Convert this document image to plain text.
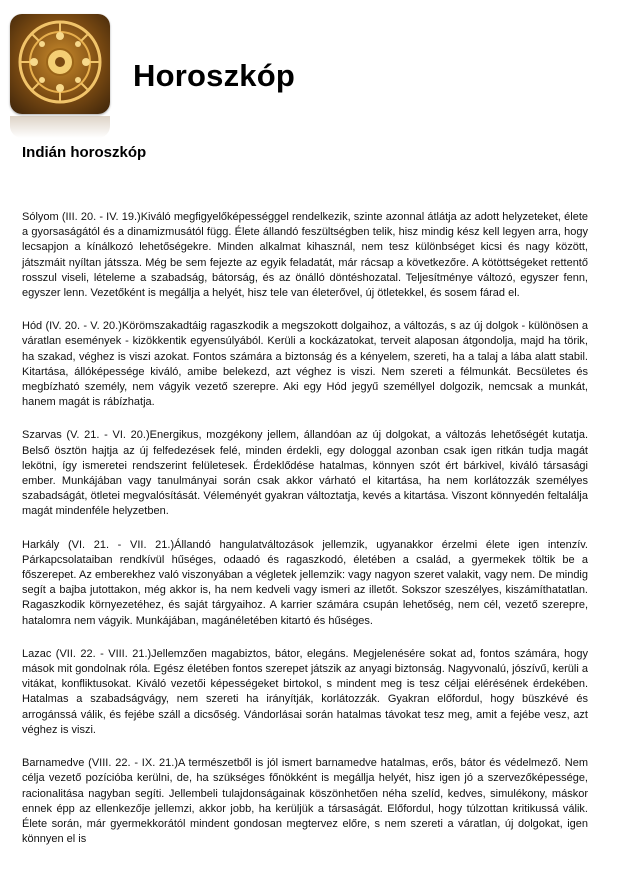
Horoszkóp
Indián horoszkóp

Sólyom (III. 20. - IV. 19.)Kiváló megfigyelőképességgel rendelkezik, szinte azonnal átlátja az adott helyzeteket, élete a gyorsaságától és a dinamizmusától függ. Élete állandó feszültségben telik, hisz mindig kész kell legyen arra, hogy lecsapjon a kínálkozó lehetőségekre. Minden alkalmat kihasznál, nem tesz különbséget kicsi és nagy között, játszmáit nyíltan játssza. Még be sem fejezte az egyik feladatát, már rácsap a következőre. A kötöttségeket rettentő rosszul viseli, lételeme a szabadság, bátorság, és az önálló döntéshozatal. Teljesítménye változó, egyszer fenn, egyszer lenn. Vezetőként is megállja a helyét, hisz tele van életerővel, új ötletekkel, és sosem fárad el.

Hód (IV. 20. - V. 20.)Körömszakadtáig ragaszkodik a megszokott dolgaihoz, a változás, s az új dolgok - különösen a váratlan események - kizökkentik egyensúlyából. Kerüli a kockázatokat, terveit alaposan átgondolja, majd ha törik, ha szakad, véghez is viszi azokat. Fontos számára a biztonság és a kényelem, szereti, ha a talaj a lába alatt stabil. Kitartása, állóképessége kiváló, amibe belekezd, azt véghez is viszi. Nem szereti a félmunkát. Becsületes és megbízható személy, nem vágyik vezető szerepre. Aki egy Hód jegyű személlyel dolgozik, nemcsak a munkát, hanem magát is rábízhatja.

Szarvas (V. 21. - VI. 20.)Energikus, mozgékony jellem, állandóan az új dolgokat, a változás lehetőségét kutatja. Belső ösztön hajtja az új felfedezések felé, minden érdekli, egy dologgal azonban csak igen ritkán tudja magát lekötni, így ismeretei rendszerint felületesek. Érdeklődése hatalmas, könnyen szót ért bárkivel, kiváló társasági ember. Munkájában vagy tanulmányai során csak akkor várható el kitartása, ha nem korlátozzák személyes szabadságát, ötletei megvalósítását. Véleményét gyakran változtatja, kevés a kitartása. Viszont könnyedén feltalálja magát mindenféle helyzetben.

Harkály (VI. 21. - VII. 21.)Állandó hangulatváltozások jellemzik, ugyanakkor érzelmi élete igen intenzív. Párkapcsolataiban rendkívül hűséges, odaadó és ragaszkodó, életében a család, a gyermekek töltik be a főszerepet. Az emberekhez való viszonyában a végletek jellemzik: vagy nagyon szeret valakit, vagy nem. De mindig segít a bajba jutottakon, még akkor is, ha nem kedveli vagy ismeri az illetőt. Sokszor szeszélyes, kiszámíthatatlan. Ragaszkodik környezetéhez, és saját tárgyaihoz. A karrier számára csupán lehetőség, nem cél, vezető szerepre, hatalomra nem vágyik. Munkájában, magánéletében kitartó és hűséges.

Lazac (VII. 22. - VIII. 21.)Jellemzően magabiztos, bátor, elegáns. Megjelenésére sokat ad, fontos számára, hogy mások mit gondolnak róla. Egész életében fontos szerepet játszik az anyagi biztonság. Nagyvonalú, jószívű, kerüli a vitákat, konfliktusokat. Kiváló vezetői képességeket birtokol, s mindent meg is tesz céljai elérésének érdekében. Hatalmas a szabadságvágy, nem szereti ha irányítják, korlátozzák. Gyakran előfordul, hogy büszkévé és arrogánssá válik, és fejébe száll a dicsőség. Vándorlásai során hatalmas távokat tesz meg, amit a fejébe vesz, azt véghez is viszi.

Barnamedve (VIII. 22. - IX. 21.)A természetből is jól ismert barnamedve hatalmas, erős, bátor és védelmező. Nem célja vezető pozícióba kerülni, de, ha szükséges főnökként is megállja helyét, hisz igen jó a szervezőképessége, racionalitása nagyban segíti. Jellembeli tulajdonságainak köszönhetően néha szelíd, kedves, simulékony, máskor ennek épp az ellenkezője jellemzi, akkor jobb, ha kerüljük a társaságát. Előfordul, hogy túlzottan kritikussá válik. Élete során, már gyermekkorától mindent gondosan megtervez előre, s nem szereti a váratlan, új dolgokat, igen könnyen el is
